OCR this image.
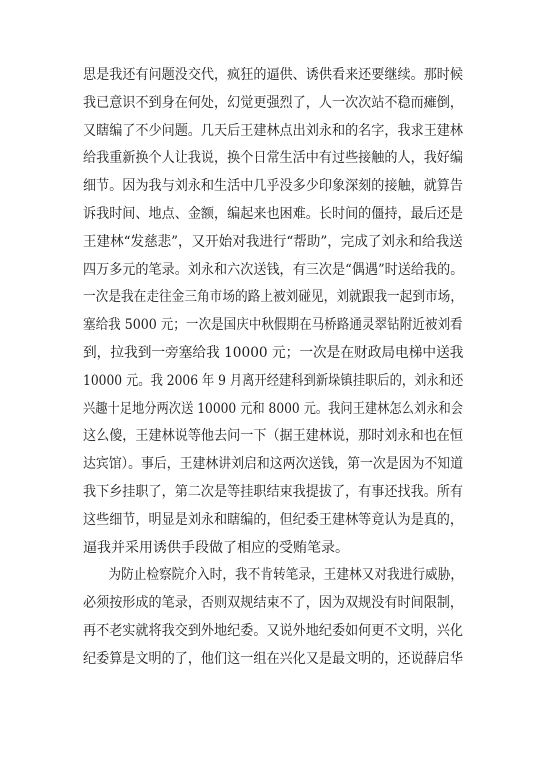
思是我还有问题没交代，疯狂的逼供、诱供看来还要继续。那时候
我已意识不到身在何处，幻觉更强烈了，人一次次站不稳而瘫倒，
又瞎编了不少问题。几天后王建林点出刘永和的名字，我求王建林
给我重新换个人让我说，换个日常生活中有过些接触的人，我好编
细节。因为我与刘永和生活中几乎没多少印象深刻的接触，就算告
诉我时间、地点、金额，编起来也困难。长时间的僵持，最后还是
王建林“发慈悲”，又开始对我进行“帮助”，完成了刘永和给我送
四万多元的笔录。刘永和六次送钱，有三次是“偶遇”时送给我的。
一次是我在走往金三角市场的路上被刘碰见，刘就跟我一起到市场，
塞给我 5000 元；一次是国庆中秋假期在马桥路通灵翠钻附近被刘看
到，拉我到一旁塞给我 10000 元；一次是在财政局电梯中送我
10000 元。我 2006 年 9 月离开经建科到新垛镇挂职后的，刘永和还
兴趣十足地分两次送 10000 元和 8000 元。我问王建林怎么刘永和会
这么傻，王建林说等他去问一下（据王建林说，那时刘永和也在恒
达宾馆）。事后，王建林讲刘启和这两次送钱，第一次是因为不知道
我下乡挂职了，第二次是等挂职结束我提拔了，有事还找我。所有
这些细节，明显是刘永和瞎编的，但纪委王建林等竟认为是真的，
逼我并采用诱供手段做了相应的受贿笔录。
为防止检察院介入时，我不肯转笔录，王建林又对我进行威胁，
必须按形成的笔录，否则双规结束不了，因为双规没有时间限制，
再不老实就将我交到外地纪委。又说外地纪委如何更不文明，兴化
纪委算是文明的了，他们这一组在兴化又是最文明的，还说薛启华
